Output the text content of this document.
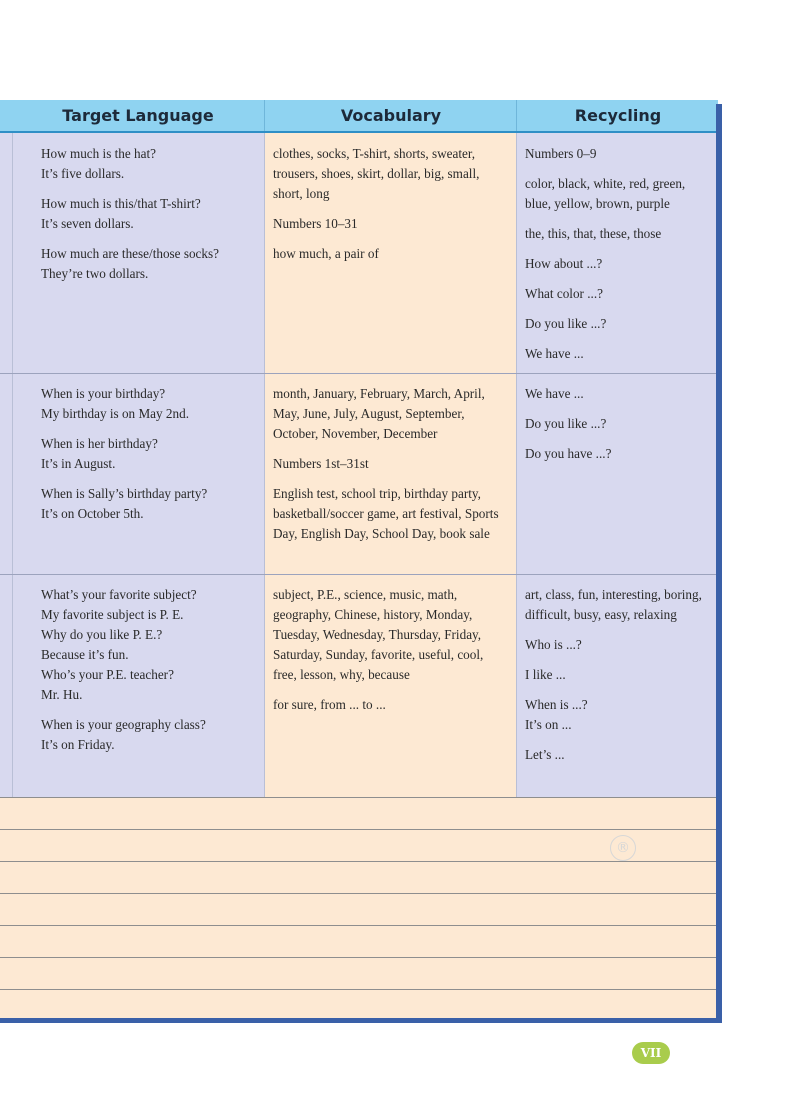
Target Language	Vocabulary	Recycling

How much is the hat?
It’s five dollars.

How much is this/that T-shirt?
It’s seven dollars.

How much are these/those socks?
They’re two dollars.

clothes, socks, T-shirt, shorts, sweater, trousers, shoes, skirt, dollar, big, small, short, long

Numbers 10–31

how much, a pair of

Numbers 0–9

color, black, white, red, green, blue, yellow, brown, purple

the, this, that, these, those

How about ...?

What color ...?

Do you like ...?

We have ...

When is your birthday?
My birthday is on May 2nd.

When is her birthday?
It’s in August.

When is Sally’s birthday party?
It’s on October 5th.

month, January, February, March, April, May, June, July, August, September, October, November, December

Numbers 1st–31st

English test, school trip, birthday party, basketball/soccer game, art festival, Sports Day, English Day, School Day, book sale

We have ...

Do you like ...?

Do you have ...?

What’s your favorite subject?
My favorite subject is P. E.
Why do you like P. E.?
Because it’s fun.
Who’s your P.E. teacher?
Mr. Hu.

When is your geography class?
It’s on Friday.

subject, P.E., science, music, math, geography, Chinese, history, Monday, Tuesday, Wednesday, Thursday, Friday, Saturday, Sunday, favorite, useful, cool, free, lesson, why, because

for sure, from ... to ...

art, class, fun, interesting, boring, difficult, busy, easy, relaxing

Who is ...?

I like ...

When is ...?
It’s on ...

Let’s ...

®
VII
